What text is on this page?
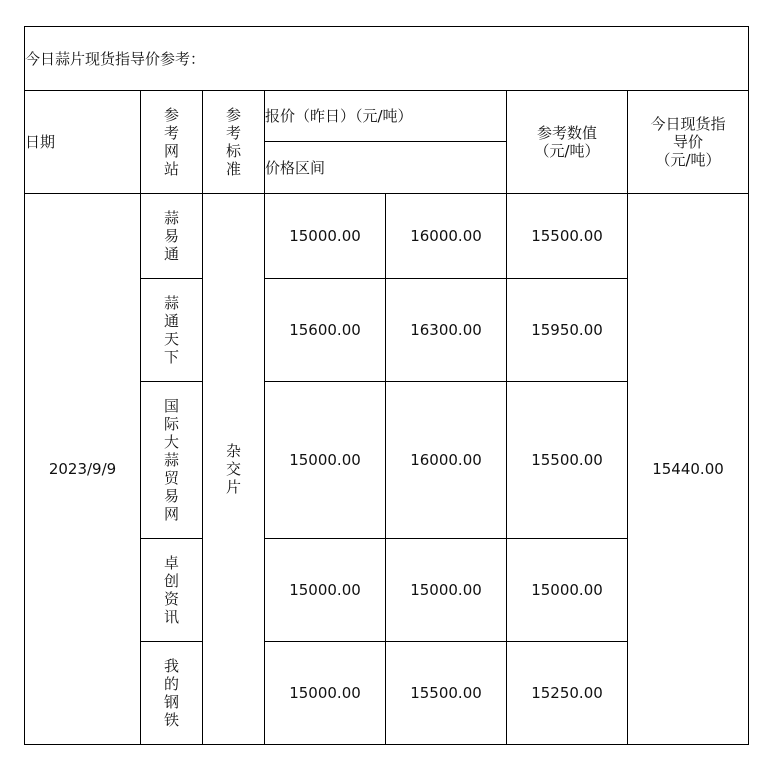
今日蒜片现货指导价参考：						
日期	参考网站	参考标准	报价（昨日）（元/吨）		参考数值（元/吨）	今日现货指导价
（元/吨）
			价格区间			
2023/9/9	蒜易通	杂交片	15000.00	16000.00	15500.00	15440.00
	蒜通天下		15600.00	16300.00	15950.00	
	国际大蒜贸易网		15000.00	16000.00	15500.00	
	卓创资讯		15000.00	15000.00	15000.00	
	我的钢铁		15000.00	15500.00	15250.00	
